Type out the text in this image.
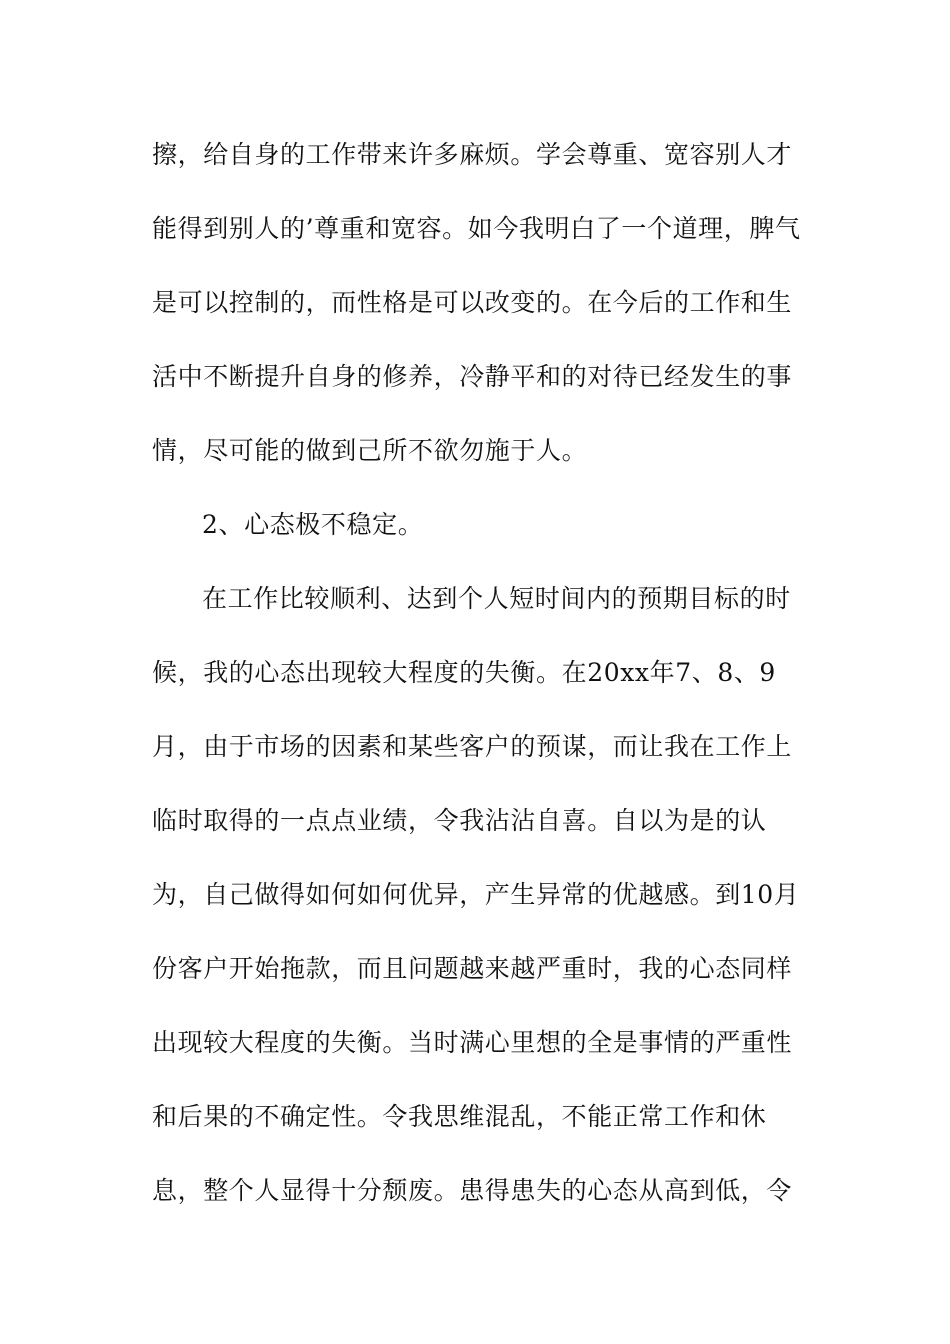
擦，给自身的工作带来许多麻烦。学会尊重、宽容别人才
能得到别人的’尊重和宽容。如今我明白了一个道理，脾气
是可以控制的，而性格是可以改变的。在今后的工作和生
活中不断提升自身的修养，冷静平和的对待已经发生的事
情，尽可能的做到己所不欲勿施于人。
2、心态极不稳定。
在工作比较顺利、达到个人短时间内的预期目标的时
候，我的心态出现较大程度的失衡。在20xx年7、8、9
月，由于市场的因素和某些客户的预谋，而让我在工作上
临时取得的一点点业绩，令我沾沾自喜。自以为是的认
为，自己做得如何如何优异，产生异常的优越感。到10月
份客户开始拖款，而且问题越来越严重时，我的心态同样
出现较大程度的失衡。当时满心里想的全是事情的严重性
和后果的不确定性。令我思维混乱，不能正常工作和休
息，整个人显得十分颓废。患得患失的心态从高到低，令
